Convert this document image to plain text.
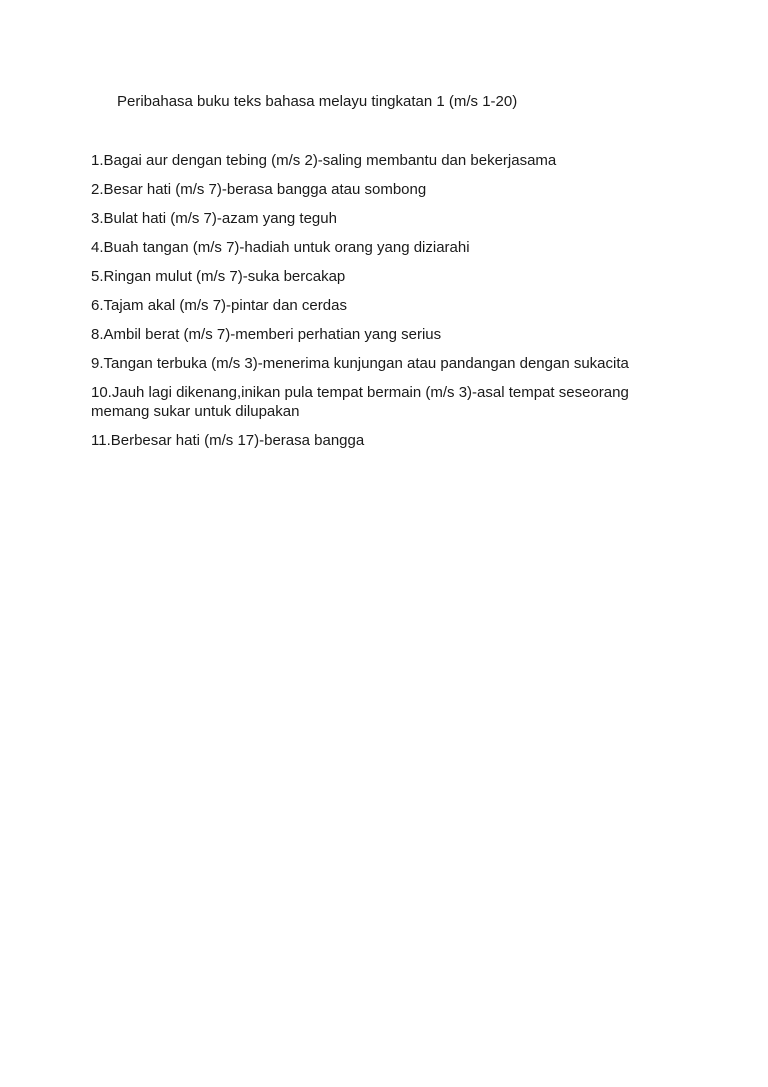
Peribahasa buku teks bahasa melayu tingkatan 1 (m/s 1-20)
1.Bagai aur dengan tebing (m/s 2)-saling membantu dan bekerjasama
2.Besar hati (m/s 7)-berasa bangga atau sombong
3.Bulat hati (m/s 7)-azam yang teguh
4.Buah tangan (m/s 7)-hadiah untuk orang yang diziarahi
5.Ringan mulut (m/s 7)-suka bercakap
6.Tajam akal (m/s 7)-pintar dan cerdas
8.Ambil berat (m/s 7)-memberi perhatian yang serius
9.Tangan terbuka (m/s 3)-menerima kunjungan atau pandangan dengan sukacita
10.Jauh lagi dikenang,inikan pula tempat bermain (m/s 3)-asal tempat seseorang memang sukar untuk dilupakan
11.Berbesar hati (m/s 17)-berasa bangga
